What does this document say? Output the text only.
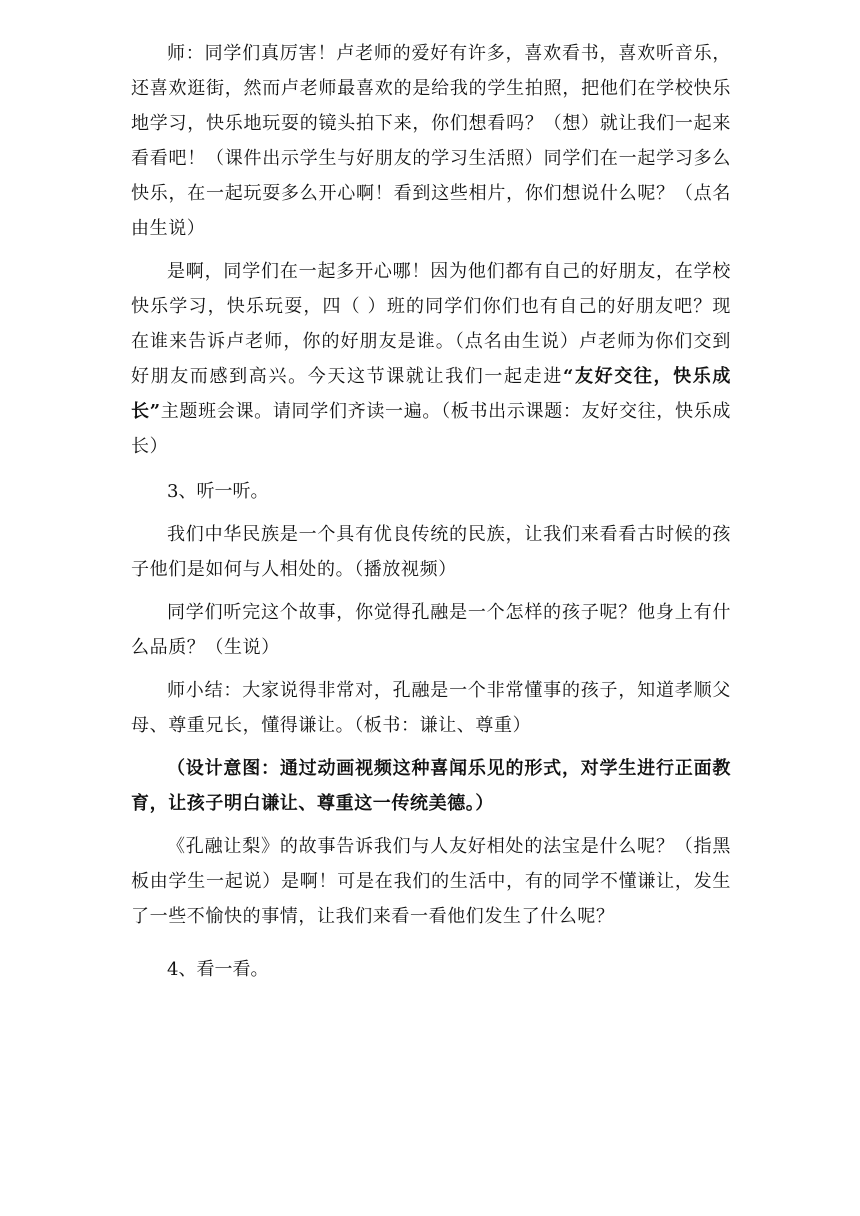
师：同学们真厉害！卢老师的爱好有许多，喜欢看书，喜欢听音乐，还喜欢逛街，然而卢老师最喜欢的是给我的学生拍照，把他们在学校快乐地学习，快乐地玩耍的镜头拍下来，你们想看吗？（想）就让我们一起来看看吧！（课件出示学生与好朋友的学习生活照）同学们在一起学习多么快乐，在一起玩耍多么开心啊！看到这些相片，你们想说什么呢？（点名由生说）

是啊，同学们在一起多开心哪！因为他们都有自己的好朋友，在学校快乐学习，快乐玩耍，四（ ）班的同学们你们也有自己的好朋友吧？现在谁来告诉卢老师，你的好朋友是谁。（点名由生说）卢老师为你们交到好朋友而感到高兴。今天这节课就让我们一起走进“友好交往，快乐成长”主题班会课。请同学们齐读一遍。（板书出示课题：友好交往，快乐成长）

3、听一听。

我们中华民族是一个具有优良传统的民族，让我们来看看古时候的孩子他们是如何与人相处的。（播放视频）

同学们听完这个故事，你觉得孔融是一个怎样的孩子呢？他身上有什么品质？（生说）

师小结：大家说得非常对，孔融是一个非常懂事的孩子，知道孝顺父母、尊重兄长，懂得谦让。（板书：谦让、尊重）

（设计意图：通过动画视频这种喜闻乐见的形式，对学生进行正面教育，让孩子明白谦让、尊重这一传统美德。）

《孔融让梨》的故事告诉我们与人友好相处的法宝是什么呢？（指黑板由学生一起说）是啊！可是在我们的生活中，有的同学不懂谦让，发生了一些不愉快的事情，让我们来看一看他们发生了什么呢？

4、看一看。
